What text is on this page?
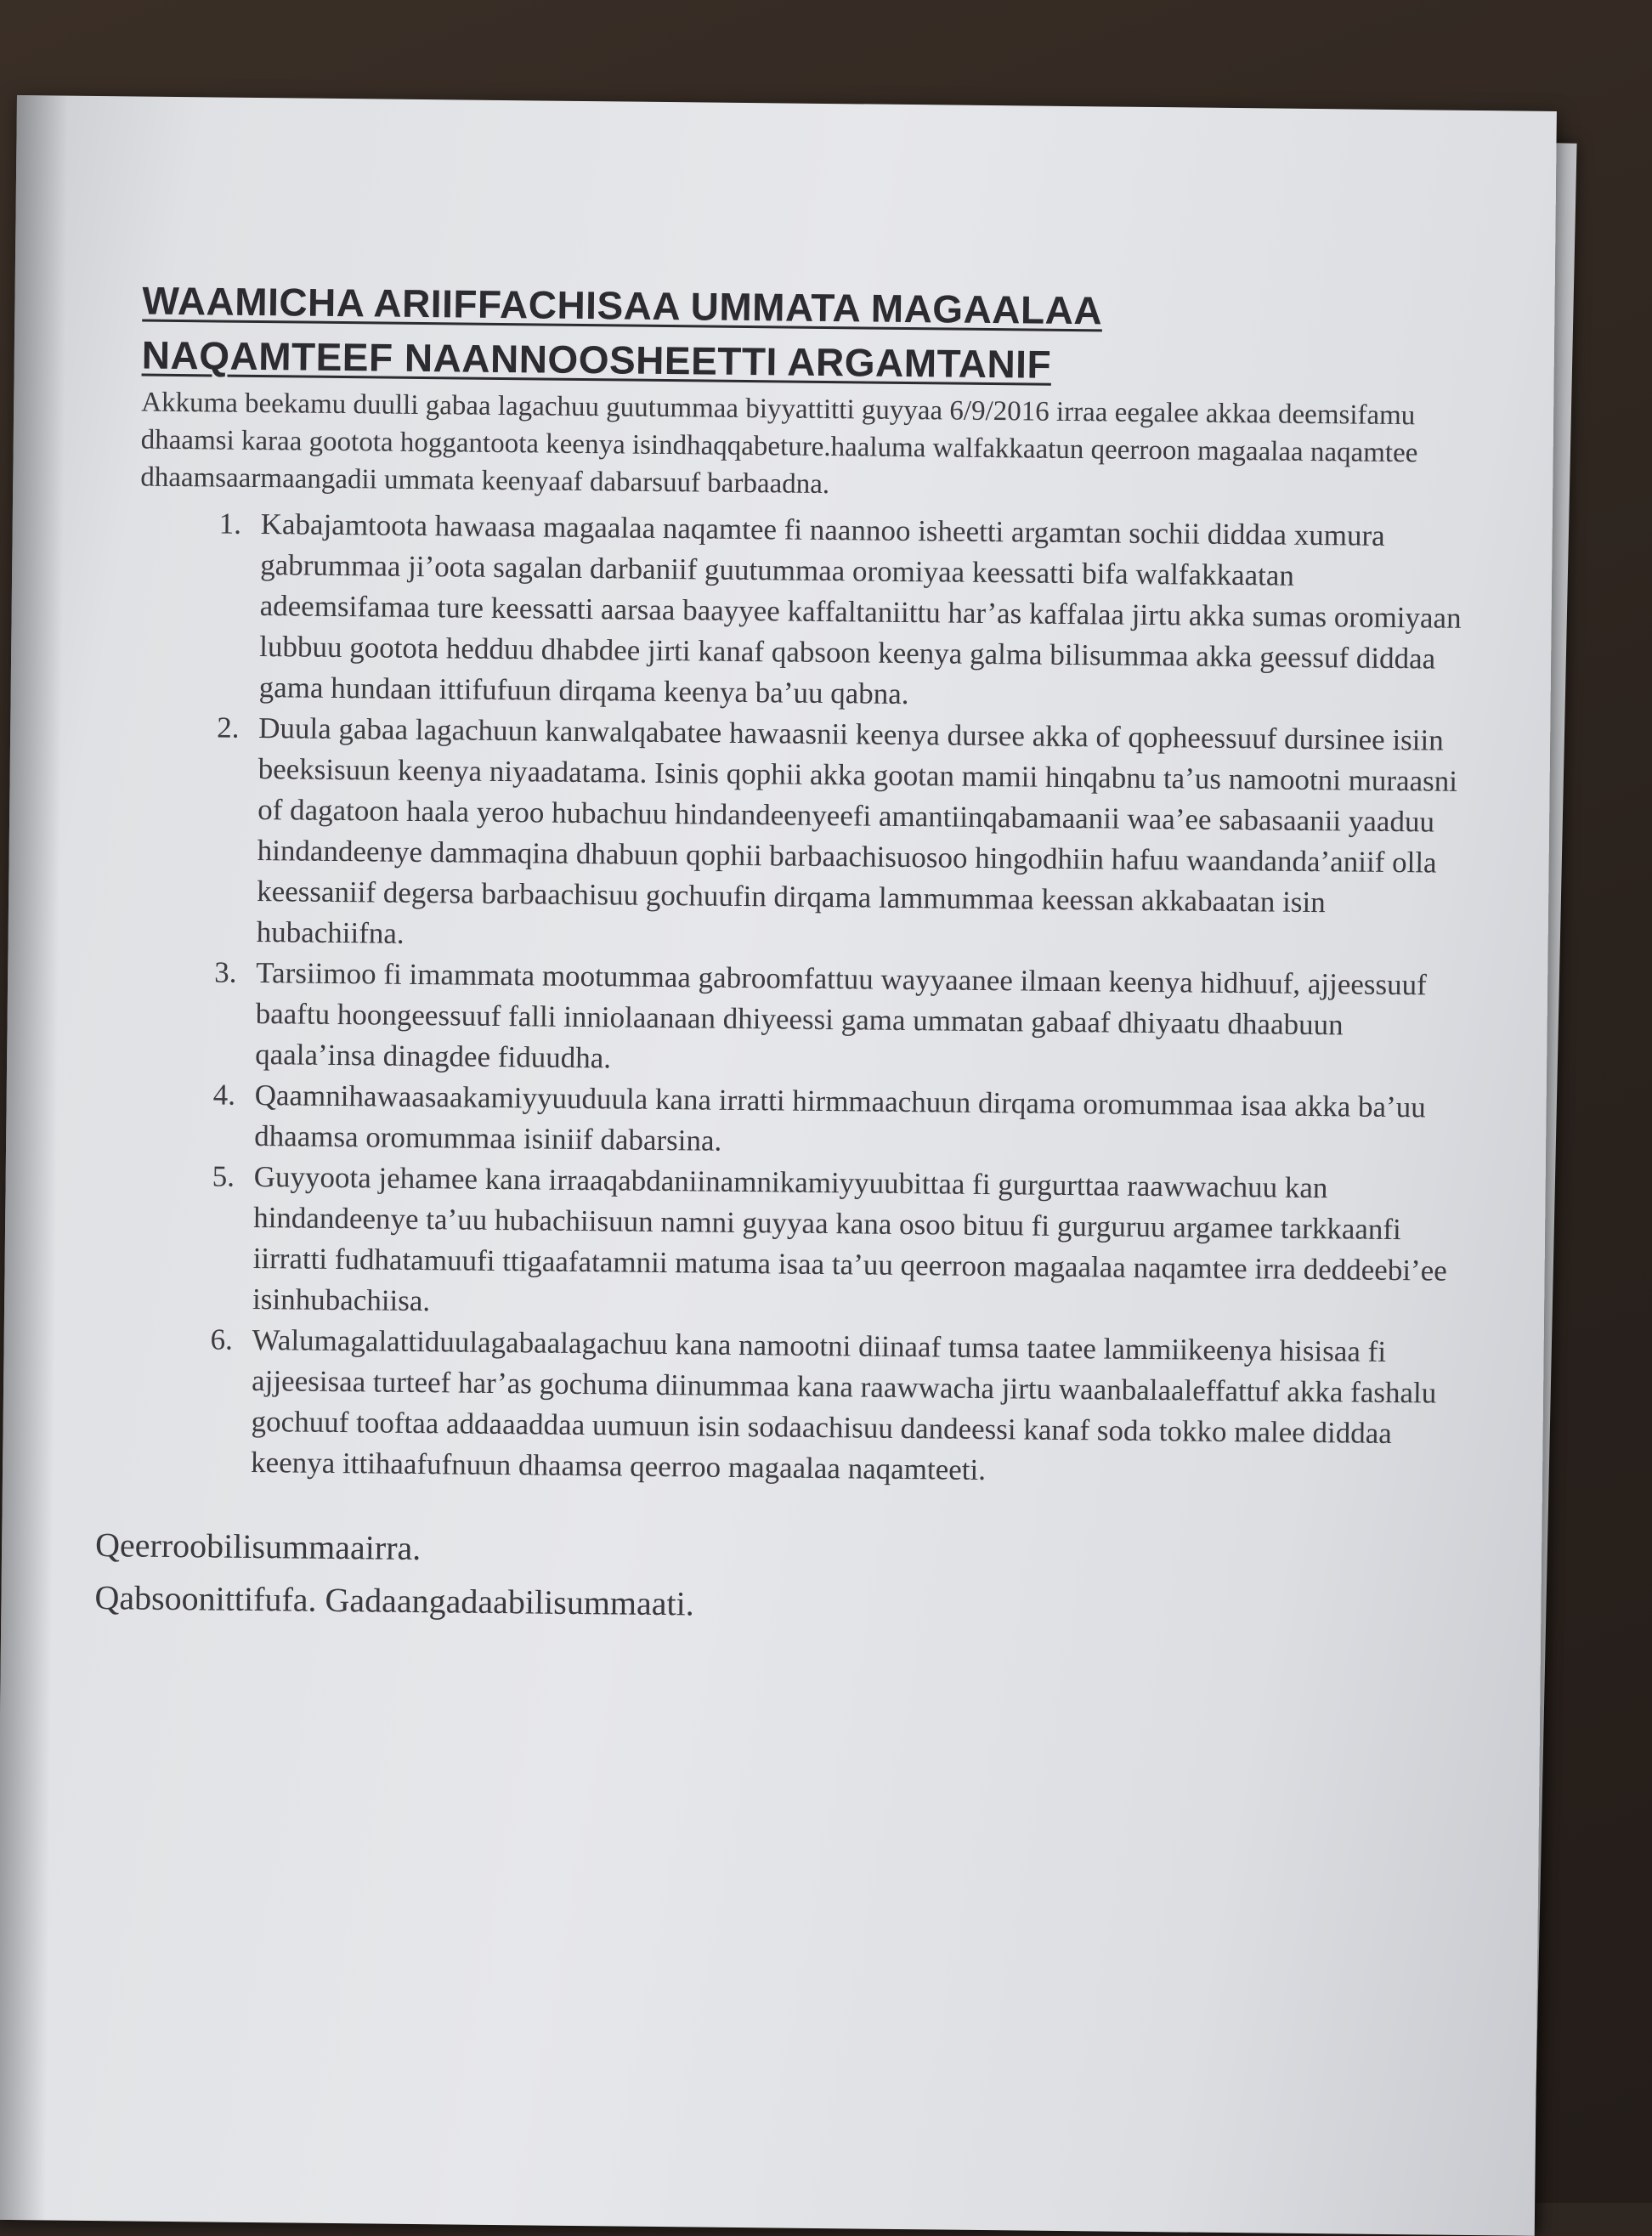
WAAMICHA ARIIFFACHISAA UMMATA MAGAALAA
NAQAMTEEF NAANNOOSHEETTI ARGAMTANIF

Akkuma beekamu duulli gabaa lagachuu guutummaa biyyattitti guyyaa 6/9/2016 irraa eegalee akkaa deemsifamu dhaamsi karaa gootota hoggantoota keenya isindhaqqabeture.haaluma walfakkaatun qeerroon magaalaa naqamtee dhaamsaarmaangadii ummata keenyaaf dabarsuuf barbaadna.

1. Kabajamtoota hawaasa magaalaa naqamtee fi naannoo isheetti argamtan sochii diddaa xumura gabrummaa ji’oota sagalan darbaniif guutummaa oromiyaa keessatti bifa walfakkaatan adeemsifamaa ture keessatti aarsaa baayyee kaffaltaniittu har’as kaffalaa jirtu akka sumas oromiyaan lubbuu gootota hedduu dhabdee jirti kanaf qabsoon keenya galma bilisummaa akka geessuf diddaa gama hundaan ittifufuun dirqama keenya ba’uu qabna.
2. Duula gabaa lagachuun kanwalqabatee hawaasnii keenya dursee akka of qopheessuuf dursinee isiin beeksisuun keenya niyaadatama. Isinis qophii akka gootan mamii hinqabnu ta’us namootni muraasni of dagatoon haala yeroo hubachuu hindandeenyeefi amantiinqabamaanii waa’ee sabasaanii yaaduu hindandeenye dammaqina dhabuun qophii barbaachisuosoo hingodhiin hafuu waandanda’aniif olla keessaniif degersa barbaachisuu gochuufin dirqama lammummaa keessan akkabaatan isin hubachiifna.
3. Tarsiimoo fi imammata mootummaa gabroomfattuu wayyaanee ilmaan keenya hidhuuf, ajjeessuuf baaftu hoongeessuuf falli inniolaanaan dhiyeessi gama ummatan gabaaf dhiyaatu dhaabuun qaala’insa dinagdee fiduudha.
4. Qaamnihawaasaakamiyyuuduula kana irratti hirmmaachuun dirqama oromummaa isaa akka ba’uu dhaamsa oromummaa isiniif dabarsina.
5. Guyyoota jehamee kana irraaqabdaniinamnikamiyyuubittaa fi gurgurttaa raawwachuu kan hindandeenye ta’uu hubachiisuun namni guyyaa kana osoo bituu fi gurguruu argamee tarkkaanfi iirratti fudhatamuufi ttigaafatamnii matuma isaa ta’uu qeerroon magaalaa naqamtee irra deddeebi’ee isinhubachiisa.
6. Walumagalattiduulagabaalagachuu kana namootni diinaaf tumsa taatee lammiikeenya hisisaa fi ajjeesisaa turteef har’as gochuma diinummaa kana raawwacha jirtu waanbalaaleffattuf akka fashalu gochuuf tooftaa addaaaddaa uumuun isin sodaachisuu dandeessi kanaf soda tokko malee diddaa keenya ittihaafufnuun dhaamsa qeerroo magaalaa naqamteeti.
Qeerroobilisummaairra.
Qabsoonittifufa. Gadaangadaabilisummaati.
